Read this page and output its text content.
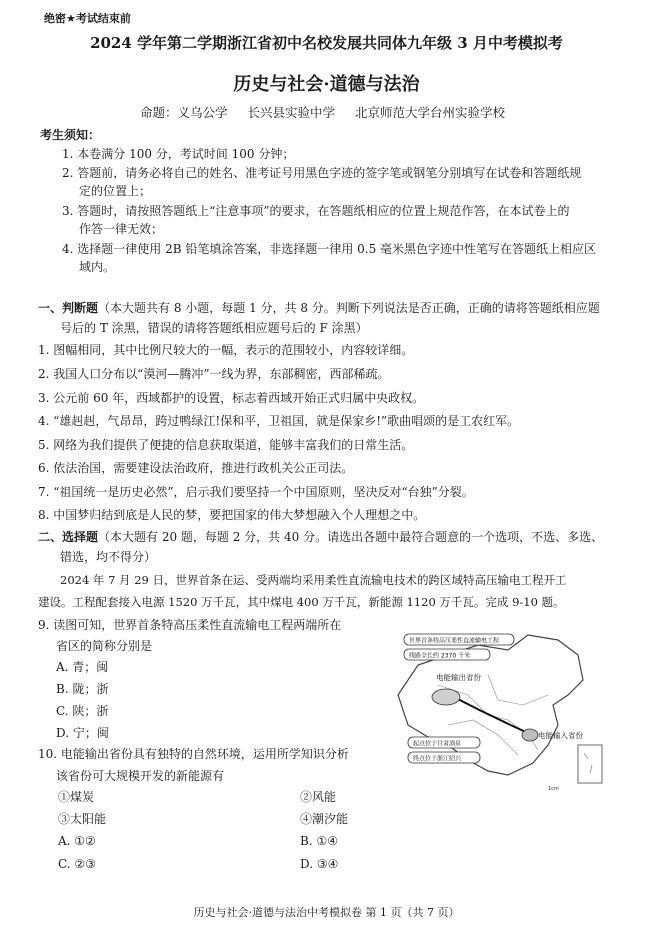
绝密★考试结束前
2024 学年第二学期浙江省初中名校发展共同体九年级 3 月中考模拟考
历史与社会·道德与法治
命题：义乌公学 长兴县实验中学 北京师范大学台州实验学校
考生须知：
1. 本卷满分 100 分，考试时间 100 分钟；
2. 答题前，请务必将自己的姓名、准考证号用黑色字迹的签字笔或钢笔分别填写在试卷和答题纸规
定的位置上；
3. 答题时，请按照答题纸上“注意事项”的要求，在答题纸相应的位置上规范作答，在本试卷上的
作答一律无效；
4. 选择题一律使用 2B 铅笔填涂答案，非选择题一律用 0.5 毫米黑色字迹中性笔写在答题纸上相应区
域内。
一、判断题（本大题共有 8 小题，每题 1 分，共 8 分。判断下列说法是否正确，正确的请将答题纸相应题
号后的 T 涂黑，错误的请将答题纸相应题号后的 F 涂黑）
1. 图幅相同，其中比例尺较大的一幅，表示的范围较小，内容较详细。
2. 我国人口分布以“漠河—腾冲”一线为界，东部稠密，西部稀疏。
3. 公元前 60 年，西域都护的设置，标志着西域开始正式归属中央政权。
4. “雄赳赳，气昂昂，跨过鸭绿江!保和平，卫祖国，就是保家乡!”歌曲唱颂的是工农红军。
5. 网络为我们提供了便捷的信息获取渠道，能够丰富我们的日常生活。
6. 依法治国，需要建设法治政府，推进行政机关公正司法。
7. “祖国统一是历史必然”，启示我们要坚持一个中国原则，坚决反对“台独”分裂。
8. 中国梦归结到底是人民的梦，要把国家的伟大梦想融入个人理想之中。
二、选择题（本大题有 20 题，每题 2 分，共 40 分。请选出各题中最符合题意的一个选项，不选、多选、
错选，均不得分）
2024 年 7 月 29 日，世界首条在运、受两端均采用柔性直流输电技术的跨区域特高压输电工程开工
建设。工程配套接入电源 1520 万千瓦，其中煤电 400 万千瓦，新能源 1120 万千瓦。完成 9-10 题。
9. 读图可知，世界首条特高压柔性直流输电工程两端所在
省区的简称分别是
A. 青；闽
B. 陇；浙
C. 陕；浙
D. 宁；闽
10. 电能输出省份具有独特的自然环境，运用所学知识分析
该省份可大规模开发的新能源有
①煤炭	②风能
③太阳能	④潮汐能
A. ①②	B. ①④
C. ②③	D. ③④
世界首条特高压柔性直流输电工程
线路全长约 2370 千米
起点位于甘肃酒泉
终点位于浙江绍兴
电能输出省份
电能输入省份
1cm
历史与社会·道德与法治中考模拟卷 第 1 页（共 7 页）
